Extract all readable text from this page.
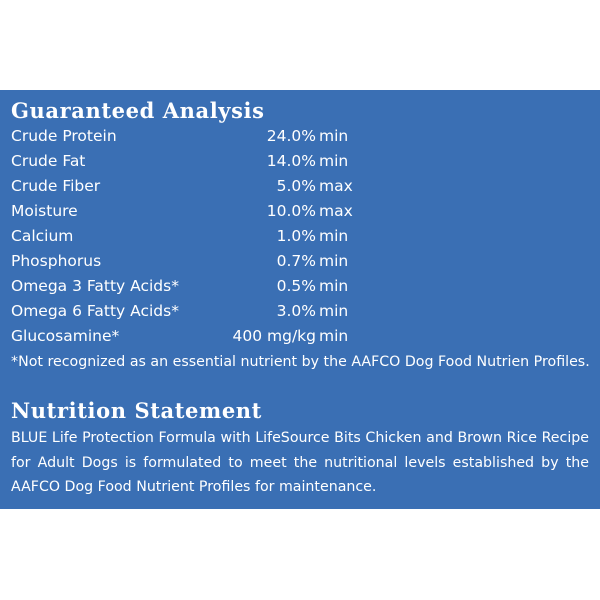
Guaranteed Analysis
Crude Protein	24.0% min
Crude Fat	14.0% min
Crude Fiber	5.0% max
Moisture	10.0% max
Calcium	1.0% min
Phosphorus	0.7% min
Omega 3 Fatty Acids*	0.5% min
Omega 6 Fatty Acids*	3.0% min
Glucosamine*	400 mg/kg min
*Not recognized as an essential nutrient by the AAFCO Dog Food Nutrien Profiles.
Nutrition Statement
BLUE Life Protection Formula with LifeSource Bits Chicken and Brown Rice Recipe for Adult Dogs is formulated to meet the nutritional levels established by the AAFCO Dog Food Nutrient Profiles for maintenance.
